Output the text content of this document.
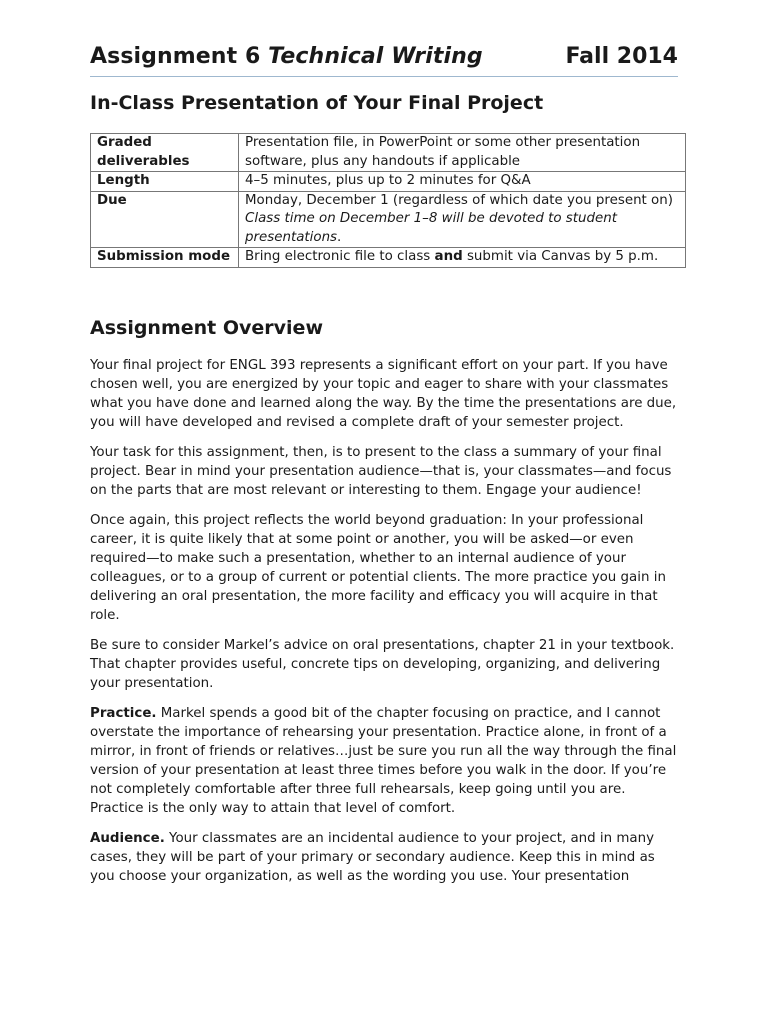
Assignment 6 Technical Writing	Fall 2014
In-Class Presentation of Your Final Project
Graded deliverables	Presentation file, in PowerPoint or some other presentation software, plus any handouts if applicable
Length	4–5 minutes, plus up to 2 minutes for Q&A
Due	Monday, December 1 (regardless of which date you present on)
Class time on December 1–8 will be devoted to student presentations.

Submission mode	Bring electronic file to class and submit via Canvas by 5 p.m.
Assignment Overview

Your final project for ENGL 393 represents a significant effort on your part. If you have chosen well, you are energized by your topic and eager to share with your classmates what you have done and learned along the way. By the time the presentations are due, you will have developed and revised a complete draft of your semester project.

Your task for this assignment, then, is to present to the class a summary of your final project. Bear in mind your presentation audience—that is, your classmates—and focus on the parts that are most relevant or interesting to them. Engage your audience!

Once again, this project reflects the world beyond graduation: In your professional career, it is quite likely that at some point or another, you will be asked—or even required—to make such a presentation, whether to an internal audience of your colleagues, or to a group of current or potential clients. The more practice you gain in delivering an oral presentation, the more facility and efficacy you will acquire in that role.

Be sure to consider Markel’s advice on oral presentations, chapter 21 in your textbook. That chapter provides useful, concrete tips on developing, organizing, and delivering your presentation.

Practice. Markel spends a good bit of the chapter focusing on practice, and I cannot overstate the importance of rehearsing your presentation. Practice alone, in front of a mirror, in front of friends or relatives…just be sure you run all the way through the final version of your presentation at least three times before you walk in the door. If you’re not completely comfortable after three full rehearsals, keep going until you are. Practice is the only way to attain that level of comfort.

Audience. Your classmates are an incidental audience to your project, and in many cases, they will be part of your primary or secondary audience. Keep this in mind as you choose your organization, as well as the wording you use. Your presentation
